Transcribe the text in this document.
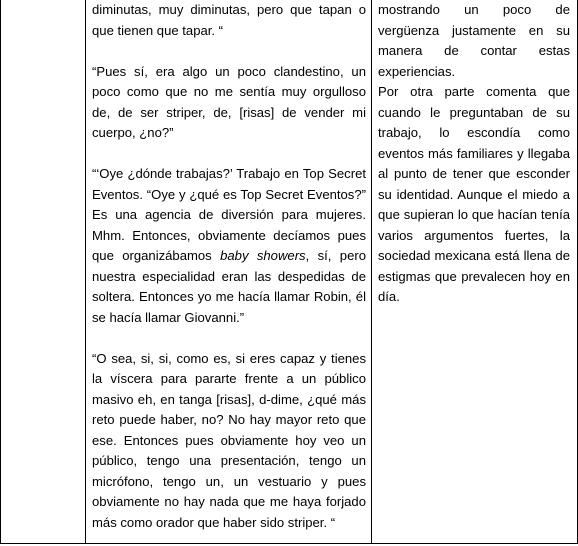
diminutas, muy diminutas, pero que tapan o que tienen que tapar. “

“Pues sí, era algo un poco clandestino, un poco como que no me sentía muy orgulloso de, de ser striper, de, [risas] de vender mi cuerpo, ¿no?”

“‘Oye ¿dónde trabajas?’ Trabajo en Top Secret Eventos. “Oye y ¿qué es Top Secret Eventos?” Es una agencia de diversión para mujeres. Mhm. Entonces, obviamente decíamos pues que organizábamos baby showers, sí, pero nuestra especialidad eran las despedidas de soltera. Entonces yo me hacía llamar Robin, él se hacía llamar Giovanni.”

“O sea, si, si, como es, si eres capaz y tienes la víscera para pararte frente a un público masivo eh, en tanga [risas], d-dime, ¿qué más reto puede haber, no? No hay mayor reto que ese. Entonces pues obviamente hoy veo un público, tengo una presentación, tengo un micrófono, tengo un, un vestuario y pues obviamente no hay nada que me haya forjado más como orador que haber sido striper. “

mostrando un poco de vergüenza justamente en su manera de contar estas experiencias.

Por otra parte comenta que cuando le preguntaban de su trabajo, lo escondía como eventos más familiares y llegaba al punto de tener que esconder su identidad. Aunque el miedo a que supieran lo que hacían tenía varios argumentos fuertes, la sociedad mexicana está llena de estigmas que prevalecen hoy en día.
